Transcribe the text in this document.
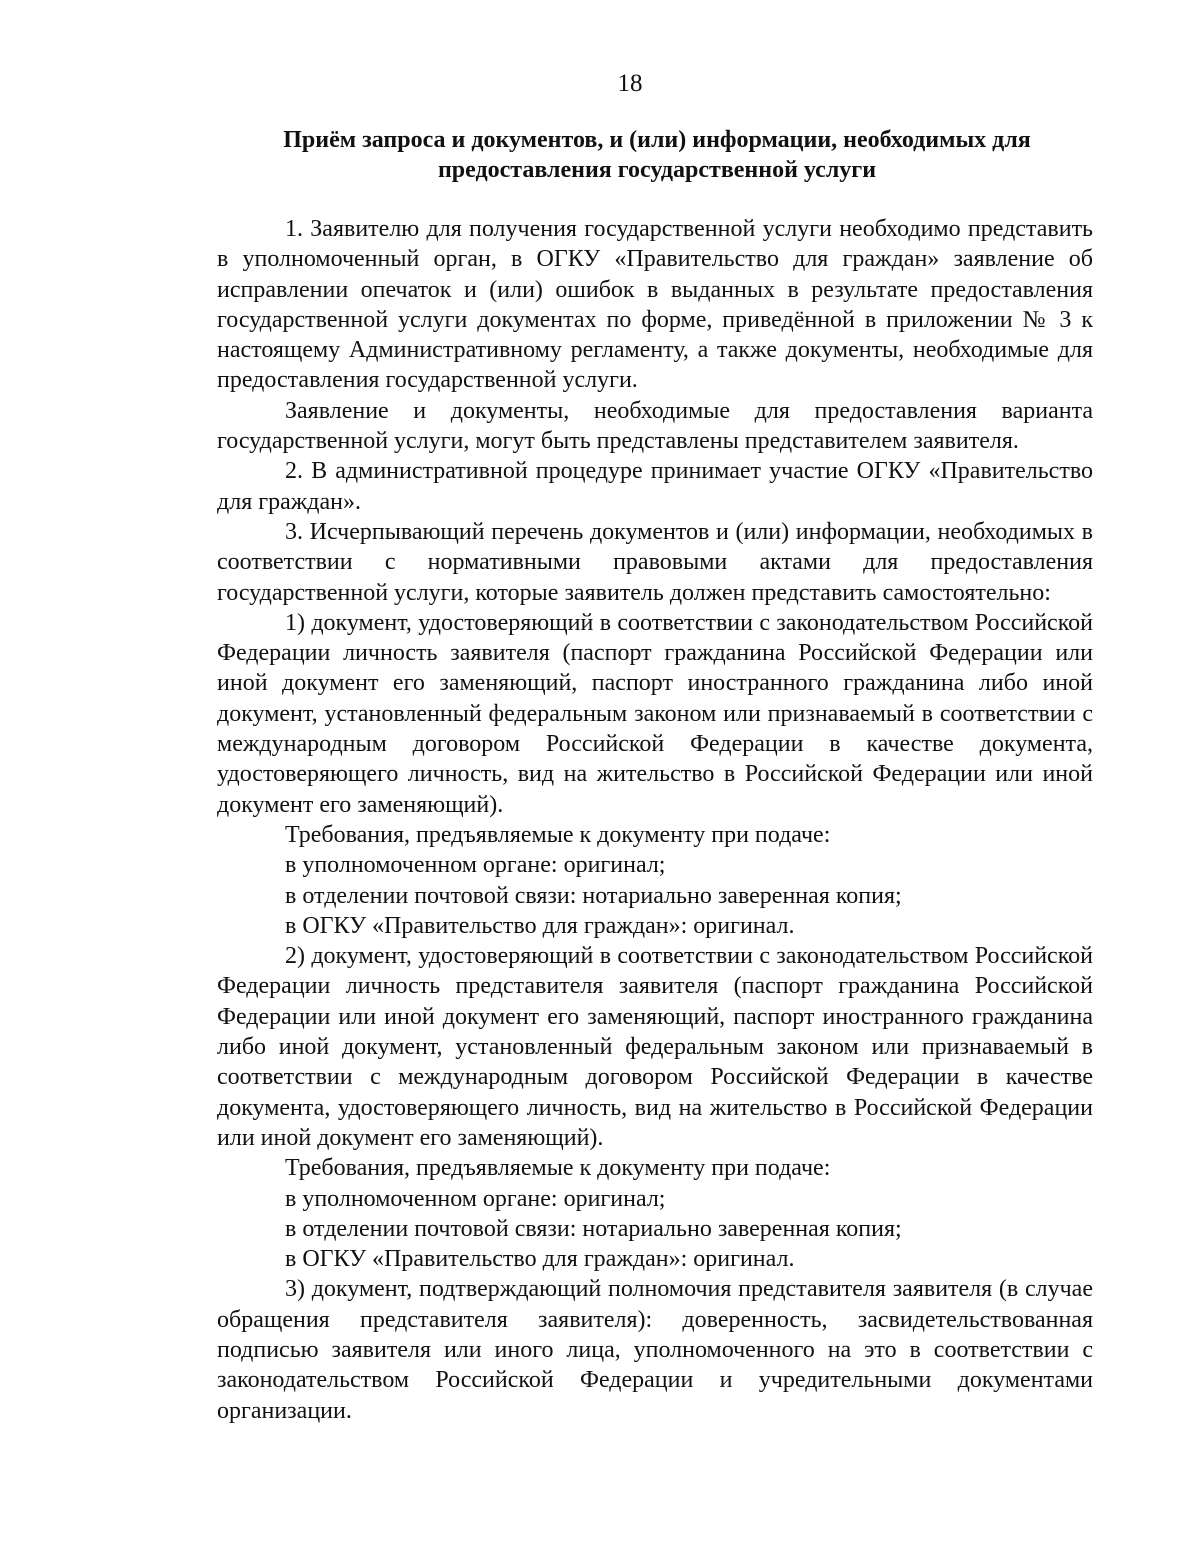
18
Приём запроса и документов, и (или) информации, необходимых для предоставления государственной услуги

1. Заявителю для получения государственной услуги необходимо представить в уполномоченный орган, в ОГКУ «Правительство для граждан» заявление об исправлении опечаток и (или) ошибок в выданных в результате предоставления государственной услуги документах по форме, приведённой в приложении № 3 к настоящему Административному регламенту, а также документы, необходимые для предоставления государственной услуги.

Заявление и документы, необходимые для предоставления варианта государственной услуги, могут быть представлены представителем заявителя.

2. В административной процедуре принимает участие ОГКУ «Правительство для граждан».

3. Исчерпывающий перечень документов и (или) информации, необходимых в соответствии с нормативными правовыми актами для предоставления государственной услуги, которые заявитель должен представить самостоятельно:

1) документ, удостоверяющий в соответствии с законодательством Российской Федерации личность заявителя (паспорт гражданина Российской Федерации или иной документ его заменяющий, паспорт иностранного гражданина либо иной документ, установленный федеральным законом или признаваемый в соответствии с международным договором Российской Федерации в качестве документа, удостоверяющего личность, вид на жительство в Российской Федерации или иной документ его заменяющий).

Требования, предъявляемые к документу при подаче:

в уполномоченном органе: оригинал;

в отделении почтовой связи: нотариально заверенная копия;

в ОГКУ «Правительство для граждан»: оригинал.

2) документ, удостоверяющий в соответствии с законодательством Российской Федерации личность представителя заявителя (паспорт гражданина Российской Федерации или иной документ его заменяющий, паспорт иностранного гражданина либо иной документ, установленный федеральным законом или признаваемый в соответствии с международным договором Российской Федерации в качестве документа, удостоверяющего личность, вид на жительство в Российской Федерации или иной документ его заменяющий).

Требования, предъявляемые к документу при подаче:

в уполномоченном органе: оригинал;

в отделении почтовой связи: нотариально заверенная копия;

в ОГКУ «Правительство для граждан»: оригинал.

3) документ, подтверждающий полномочия представителя заявителя (в случае обращения представителя заявителя): доверенность, засвидетельствованная подписью заявителя или иного лица, уполномоченного на это в соответствии с законодательством Российской Федерации и учредительными документами организации.
